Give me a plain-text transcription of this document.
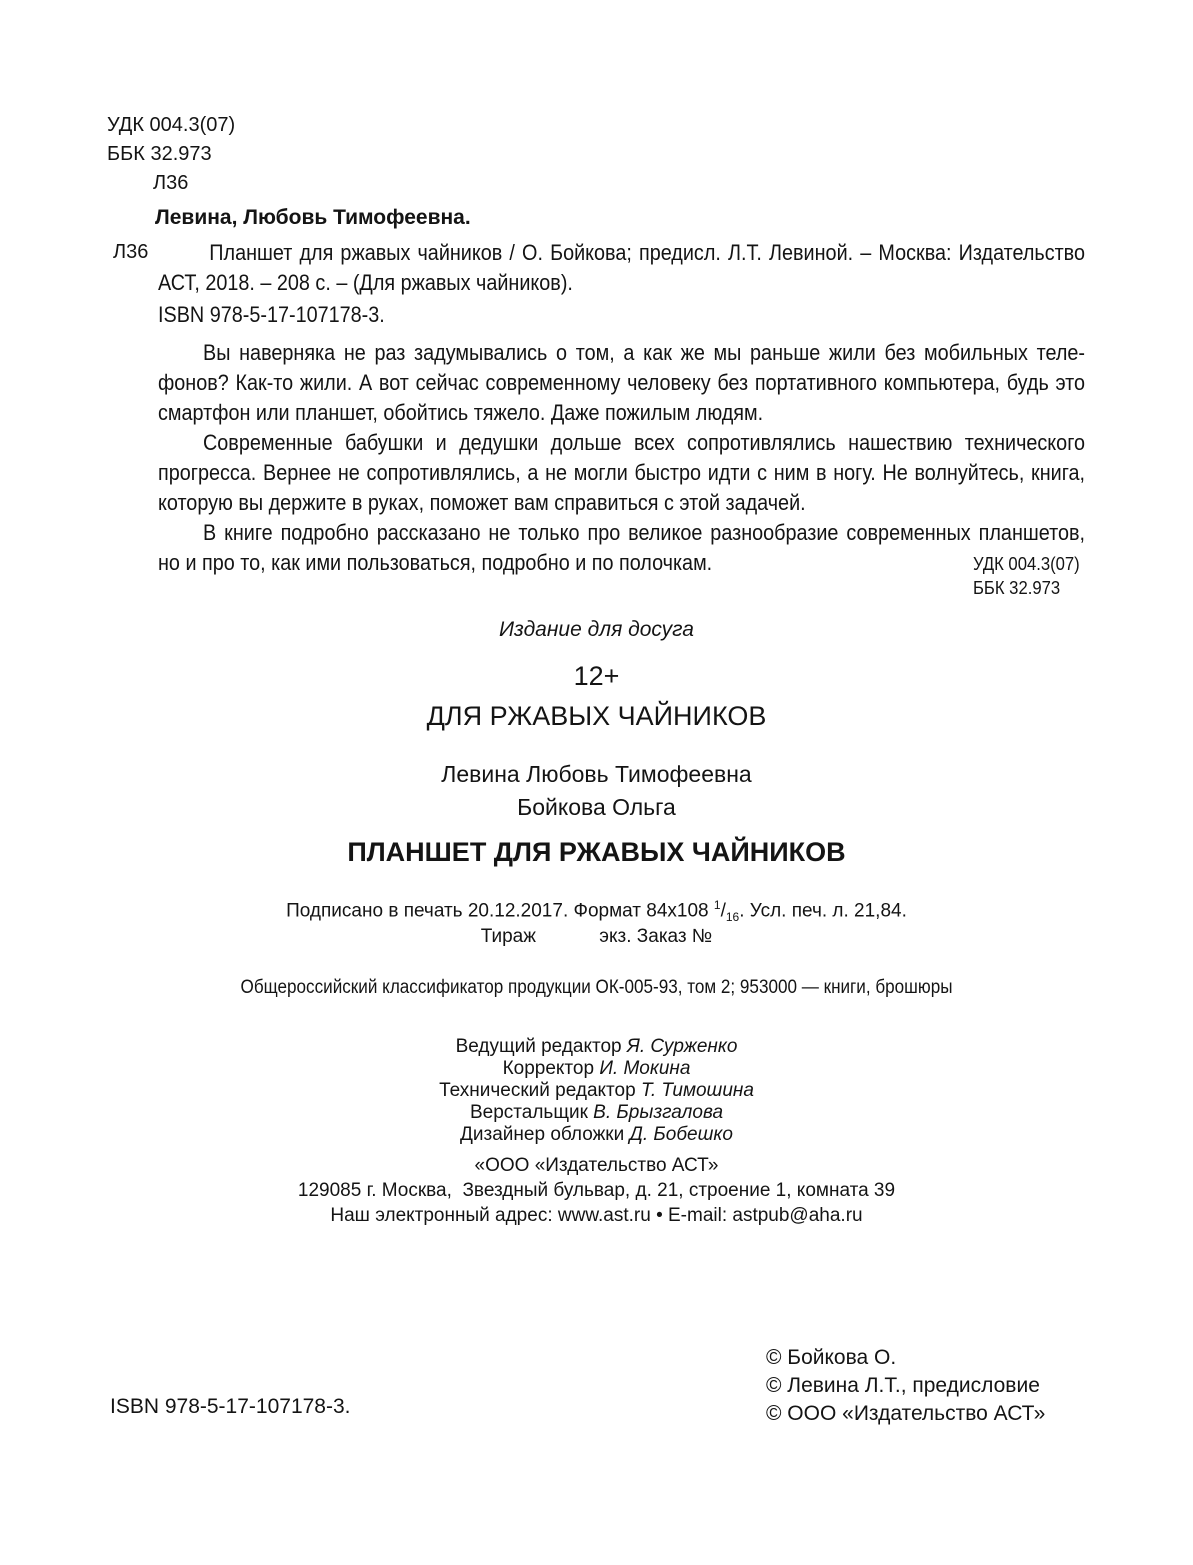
УДК 004.3(07)
ББК 32.973
Л36
Левина, Любовь Тимофеевна.
Л36	Планшет для ржавых чайников / О. Бойкова; предисл. Л.Т. Левиной. – Москва: Издательство АСТ, 2018. – 208 с. – (Для ржавых чайников).
ISBN 978-5-17-107178-3.

Вы наверняка не раз задумывались о том, а как же мы раньше жили без мобильных телефонов? Как-то жили. А вот сейчас современному человеку без портативного компьютера, будь это смартфон или планшет, обойтись тяжело. Даже пожилым людям.

Современные бабушки и дедушки дольше всех сопротивлялись нашествию технического прогресса. Вернее не сопротивлялись, а не могли быстро идти с ним в ногу. Не волнуйтесь, книга, которую вы держите в руках, поможет вам справиться с этой задачей.

В книге подробно рассказано не только про великое разнообразие современных планшетов, но и про то, как ими пользоваться, подробно и по полочкам.	УДК 004.3(07)
ББК 32.973
Издание для досуга
12+
ДЛЯ РЖАВЫХ ЧАЙНИКОВ
Левина Любовь Тимофеевна
Бойкова Ольга
ПЛАНШЕТ ДЛЯ РЖАВЫХ ЧАЙНИКОВ
Подписано в печать 20.12.2017. Формат 84х108 $^1/_{16}$. Усл. печ. л. 21,84.
Тираж            экз. Заказ №
Общероссийский классификатор продукции ОК-005-93, том 2; 953000 — книги, брошюры
Ведущий редактор Я. Сурженко
Корректор И. Мокина
Технический редактор Т. Тимошина
Верстальщик В. Брызгалова
Дизайнер обложки Д. Бобешко
«ООО «Издательство АСТ»
129085 г. Москва,  Звездный бульвар, д. 21, строение 1, комната 39
Наш электронный адрес: www.ast.ru • E-mail: astpub@aha.ru
© Бойкова О.
© Левина Л.Т., предисловие
© ООО «Издательство АСТ»
ISBN 978-5-17-107178-3.
